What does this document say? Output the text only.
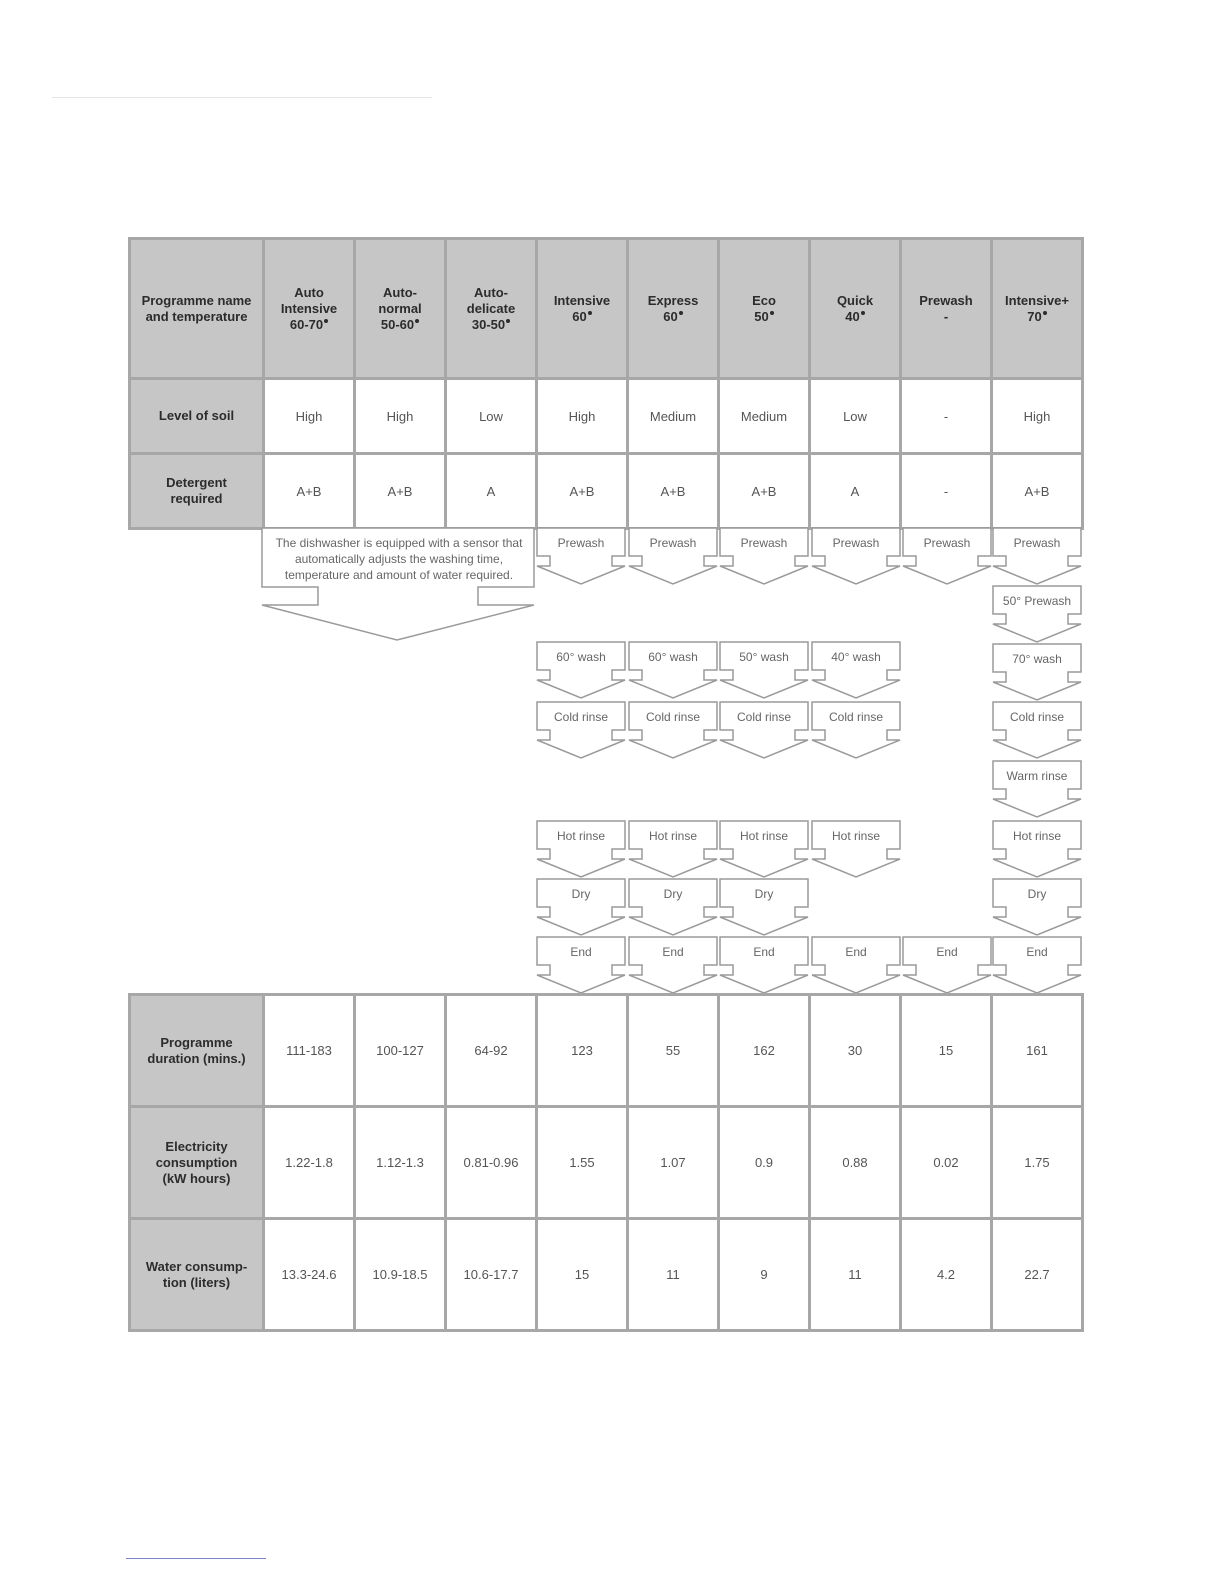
Programme name
and temperature	Auto
Intensive
60-70	Auto-
normal
50-60	Auto-
delicate
30-50	Intensive
60	Express
60	Eco
50	Quick
40	Prewash
-	Intensive+
70
Level of soil	High	High	Low	High	Medium	Medium	Low	-	High
Detergent required	A+B	A+B	A	A+B	A+B	A+B	A	-	A+B
The dishwasher is equipped with a sensor that
automatically adjusts the washing time,
temperature and amount of water required.
Prewash	Prewash	Prewash	Prewash	Prewash	Prewash
50° Prewash
60° wash	60° wash	50° wash	40° wash	70° wash
Cold rinse	Cold rinse	Cold rinse	Cold rinse	Cold rinse
Warm rinse
Hot rinse	Hot rinse	Hot rinse	Hot rinse	Hot rinse
Dry	Dry	Dry	Dry
End	End	End	End	End	End
Programme
duration (mins.)	111-183	100-127	64-92	123	55	162	30	15	161
Electricity
consumption
(kW hours)	1.22-1.8	1.12-1.3	0.81-0.96	1.55	1.07	0.9	0.88	0.02	1.75
Water consump-
tion (liters)	13.3-24.6	10.9-18.5	10.6-17.7	15	11	9	11	4.2	22.7
